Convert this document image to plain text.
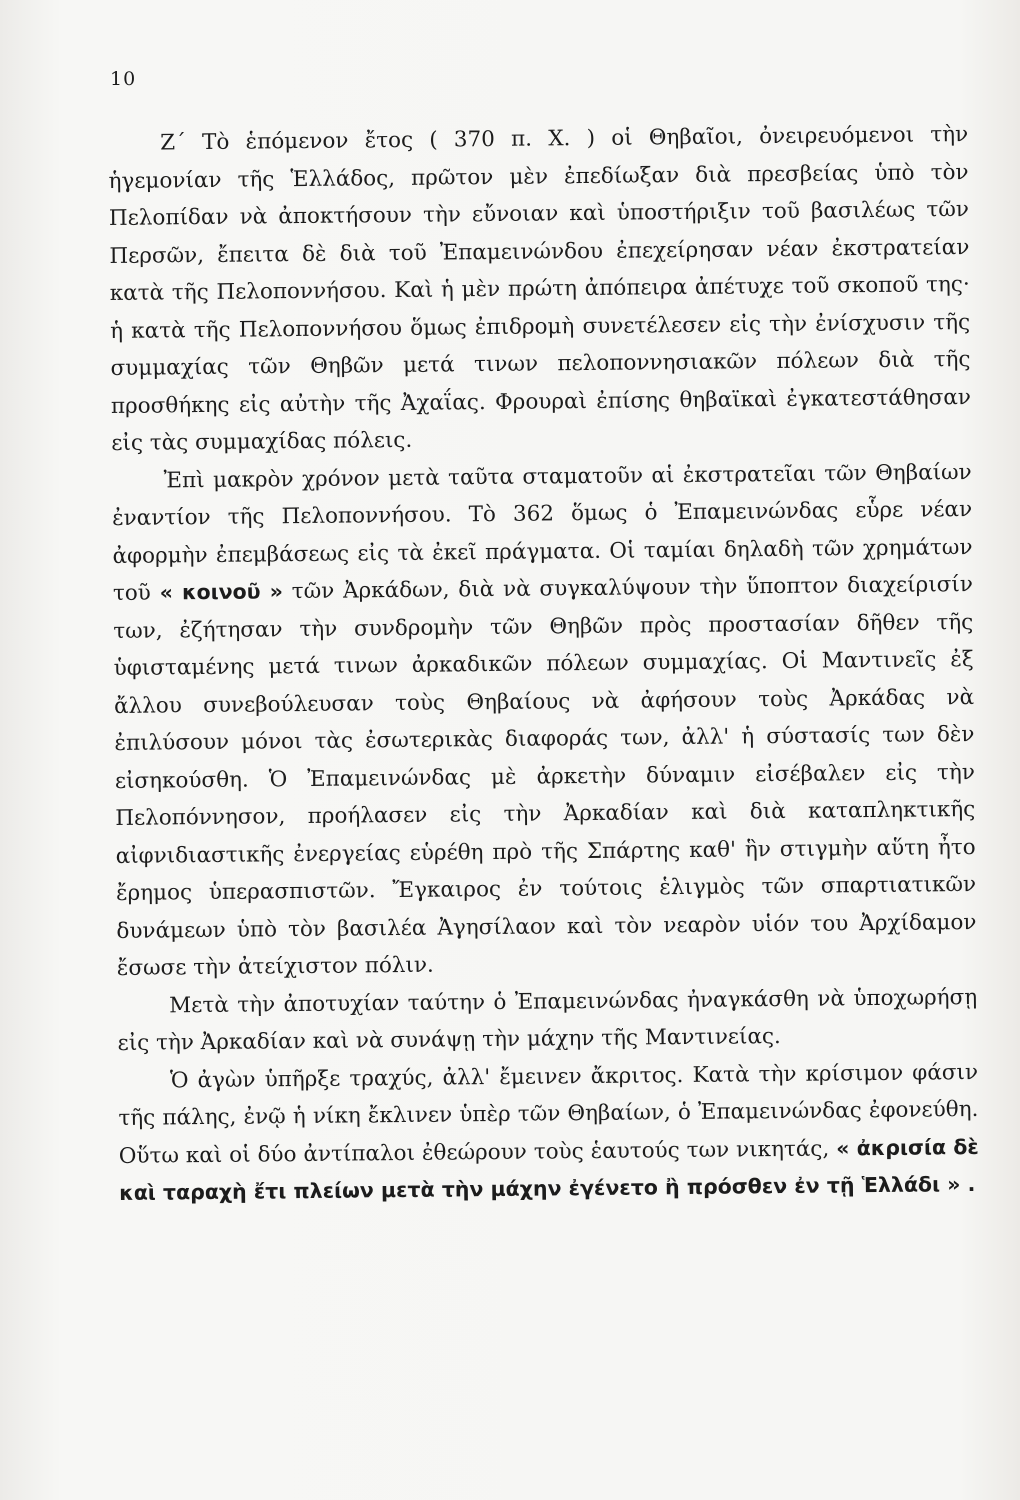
10

Ζ΄ Τὸ ἑπόμενον ἔτος ( 370 π. Χ. ) οἱ Θηβαῖοι, ὀνειρευόμενοι τὴν ἡγεμονίαν τῆς Ἑλλάδος, πρῶτον μὲν ἐπεδίωξαν διὰ πρεσβείας ὑπὸ τὸν Πελοπίδαν νὰ ἀποκτήσουν τὴν εὔνοιαν καὶ ὑποστήριξιν τοῦ βασιλέως τῶν Περσῶν, ἔπειτα δὲ διὰ τοῦ Ἐπαμεινώνδου ἐπεχείρησαν νέαν ἐκστρατείαν κατὰ τῆς Πελοποννήσου. Καὶ ἡ μὲν πρώτη ἀπόπειρα ἀπέτυχε τοῦ σκοποῦ της· ἡ κατὰ τῆς Πελοποννήσου ὅμως ἐπιδρομὴ συνετέλεσεν εἰς τὴν ἐνίσχυσιν τῆς συμμαχίας τῶν Θηβῶν μετά τινων πελοποννησιακῶν πόλεων διὰ τῆς προσθήκης εἰς αὐτὴν τῆς Ἀχαΐας. Φρουραὶ ἐπίσης θηβαϊκαὶ ἐγκατεστάθησαν εἰς τὰς συμμαχίδας πόλεις.

Ἐπὶ μακρὸν χρόνον μετὰ ταῦτα σταματοῦν αἱ ἐκστρατεῖαι τῶν Θηβαίων ἐναντίον τῆς Πελοποννήσου. Τὸ 362 ὅμως ὁ Ἐπαμεινώνδας εὗρε νέαν ἀφορμὴν ἐπεμβάσεως εἰς τὰ ἐκεῖ πράγματα. Οἱ ταμίαι δηλαδὴ τῶν χρημάτων τοῦ « κοινοῦ » τῶν Ἀρκάδων, διὰ νὰ συγκαλύψουν τὴν ὕποπτον διαχείρισίν των, ἐζήτησαν τὴν συνδρομὴν τῶν Θηβῶν πρὸς προστασίαν δῆθεν τῆς ὑφισταμένης μετά τινων ἀρκαδικῶν πόλεων συμμαχίας. Οἱ Μαντινεῖς ἐξ ἄλλου συνεβούλευσαν τοὺς Θηβαίους νὰ ἀφήσουν τοὺς Ἀρκάδας νὰ ἐπιλύσουν μόνοι τὰς ἐσωτερικὰς διαφοράς των, ἀλλ' ἡ σύστασίς των δὲν εἰσηκούσθη. Ὁ Ἐπαμεινώνδας μὲ ἀρκετὴν δύναμιν εἰσέβαλεν εἰς τὴν Πελοπόννησον, προήλασεν εἰς τὴν Ἀρκαδίαν καὶ διὰ καταπληκτικῆς αἰφνιδιαστικῆς ἐνεργείας εὑρέθη πρὸ τῆς Σπάρτης καθ' ἣν στιγμὴν αὕτη ἦτο ἔρημος ὑπερασπιστῶν. Ἔγκαιρος ἐν τούτοις ἑλιγμὸς τῶν σπαρτιατικῶν δυνάμεων ὑπὸ τὸν βασιλέα Ἀγησίλαον καὶ τὸν νεαρὸν υἱόν του Ἀρχίδαμον ἔσωσε τὴν ἀτείχιστον πόλιν.

Μετὰ τὴν ἀποτυχίαν ταύτην ὁ Ἐπαμεινώνδας ἠναγκάσθη νὰ ὑποχωρήσῃ εἰς τὴν Ἀρκαδίαν καὶ νὰ συνάψῃ τὴν μάχην τῆς Μαντινείας.

Ὁ ἀγὼν ὑπῆρξε τραχύς, ἀλλ' ἔμεινεν ἄκριτος. Κατὰ τὴν κρίσιμον φάσιν τῆς πάλης, ἐνῷ ἡ νίκη ἔκλινεν ὑπὲρ τῶν Θηβαίων, ὁ Ἐπαμεινώνδας ἐφονεύθη. Οὕτω καὶ οἱ δύο ἀντίπαλοι ἐθεώρουν τοὺς ἑαυτούς των νικητάς, « ἀκρισία δὲ καὶ ταραχὴ ἔτι πλείων μετὰ τὴν μάχην ἐγένετο ἢ πρόσθεν ἐν τῇ Ἑλλάδι » .
